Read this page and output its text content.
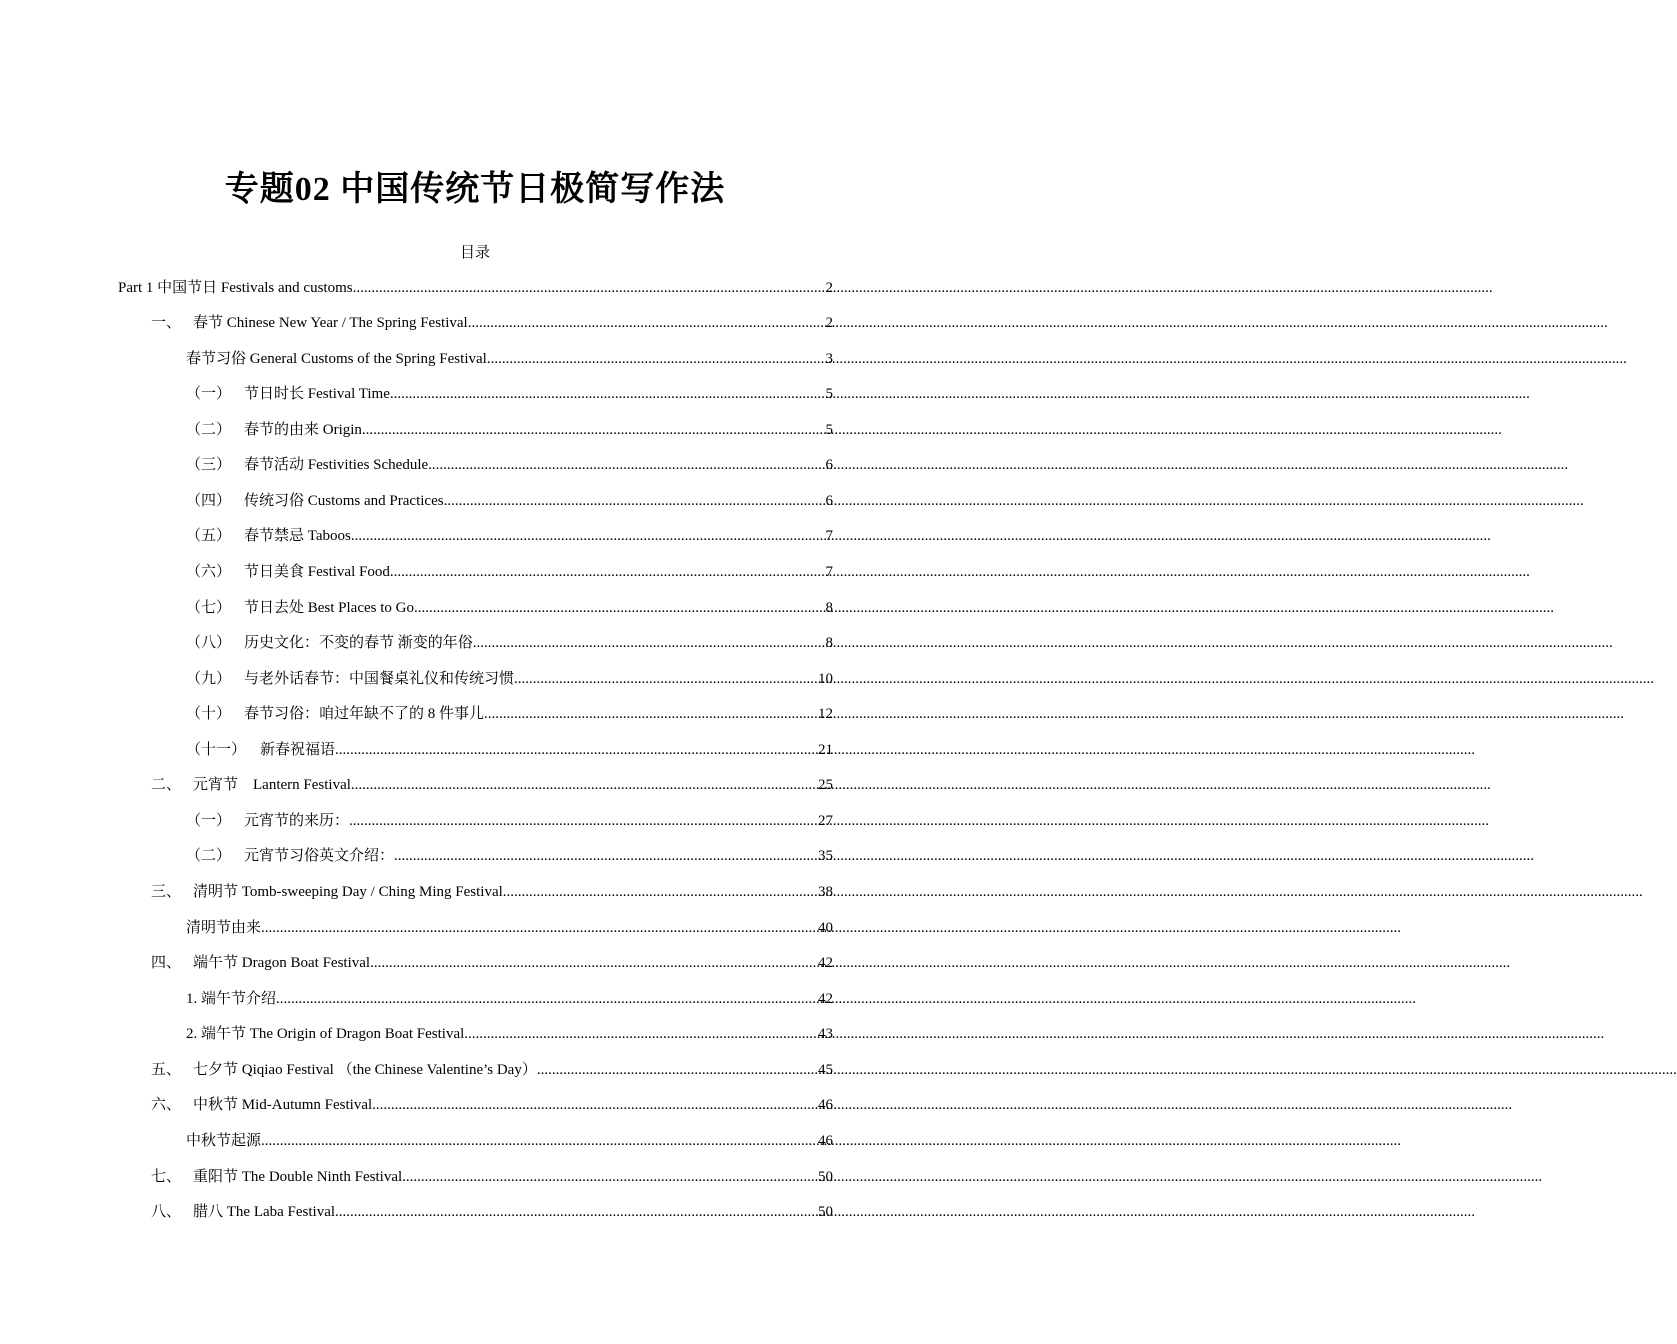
专题02 中国传统节日极简写作法
目录
Part 1 中国节日 Festivals and customs .....	2
一、 春节 Chinese New Year / The Spring Festival .....	2
春节习俗 General Customs of the Spring Festival .....	3
（一） 节日时长 Festival Time .....	5
（二） 春节的由来 Origin .....	5
（三） 春节活动 Festivities Schedule .....	6
（四） 传统习俗 Customs and Practices .....	6
（五） 春节禁忌 Taboos .....	7
（六） 节日美食 Festival Food .....	7
（七） 节日去处 Best Places to Go .....	8
（八） 历史文化：不变的春节 渐变的年俗 .....	8
（九） 与老外话春节：中国餐桌礼仪和传统习惯 .....	10
（十） 春节习俗：咱过年缺不了的 8 件事儿 .....	12
（十一） 新春祝福语 .....	21
二、 元宵节    Lantern Festival .....	25
（一） 元宵节的来历： .....	27
（二） 元宵节习俗英文介绍： .....	35
三、 清明节 Tomb-sweeping Day / Ching Ming Festival .....	38
清明节由来 .....	40
四、 端午节 Dragon Boat Festival .....	42
1. 端午节介绍 .....	42
2. 端午节 The Origin of Dragon Boat Festival .....	43
五、 七夕节 Qiqiao Festival （the Chinese Valentine’s Day） .....	45
六、 中秋节 Mid-Autumn Festival .....	46
中秋节起源 .....	46
七、 重阳节 The Double Ninth Festival .....	50
八、 腊八 The Laba Festival .....	50
